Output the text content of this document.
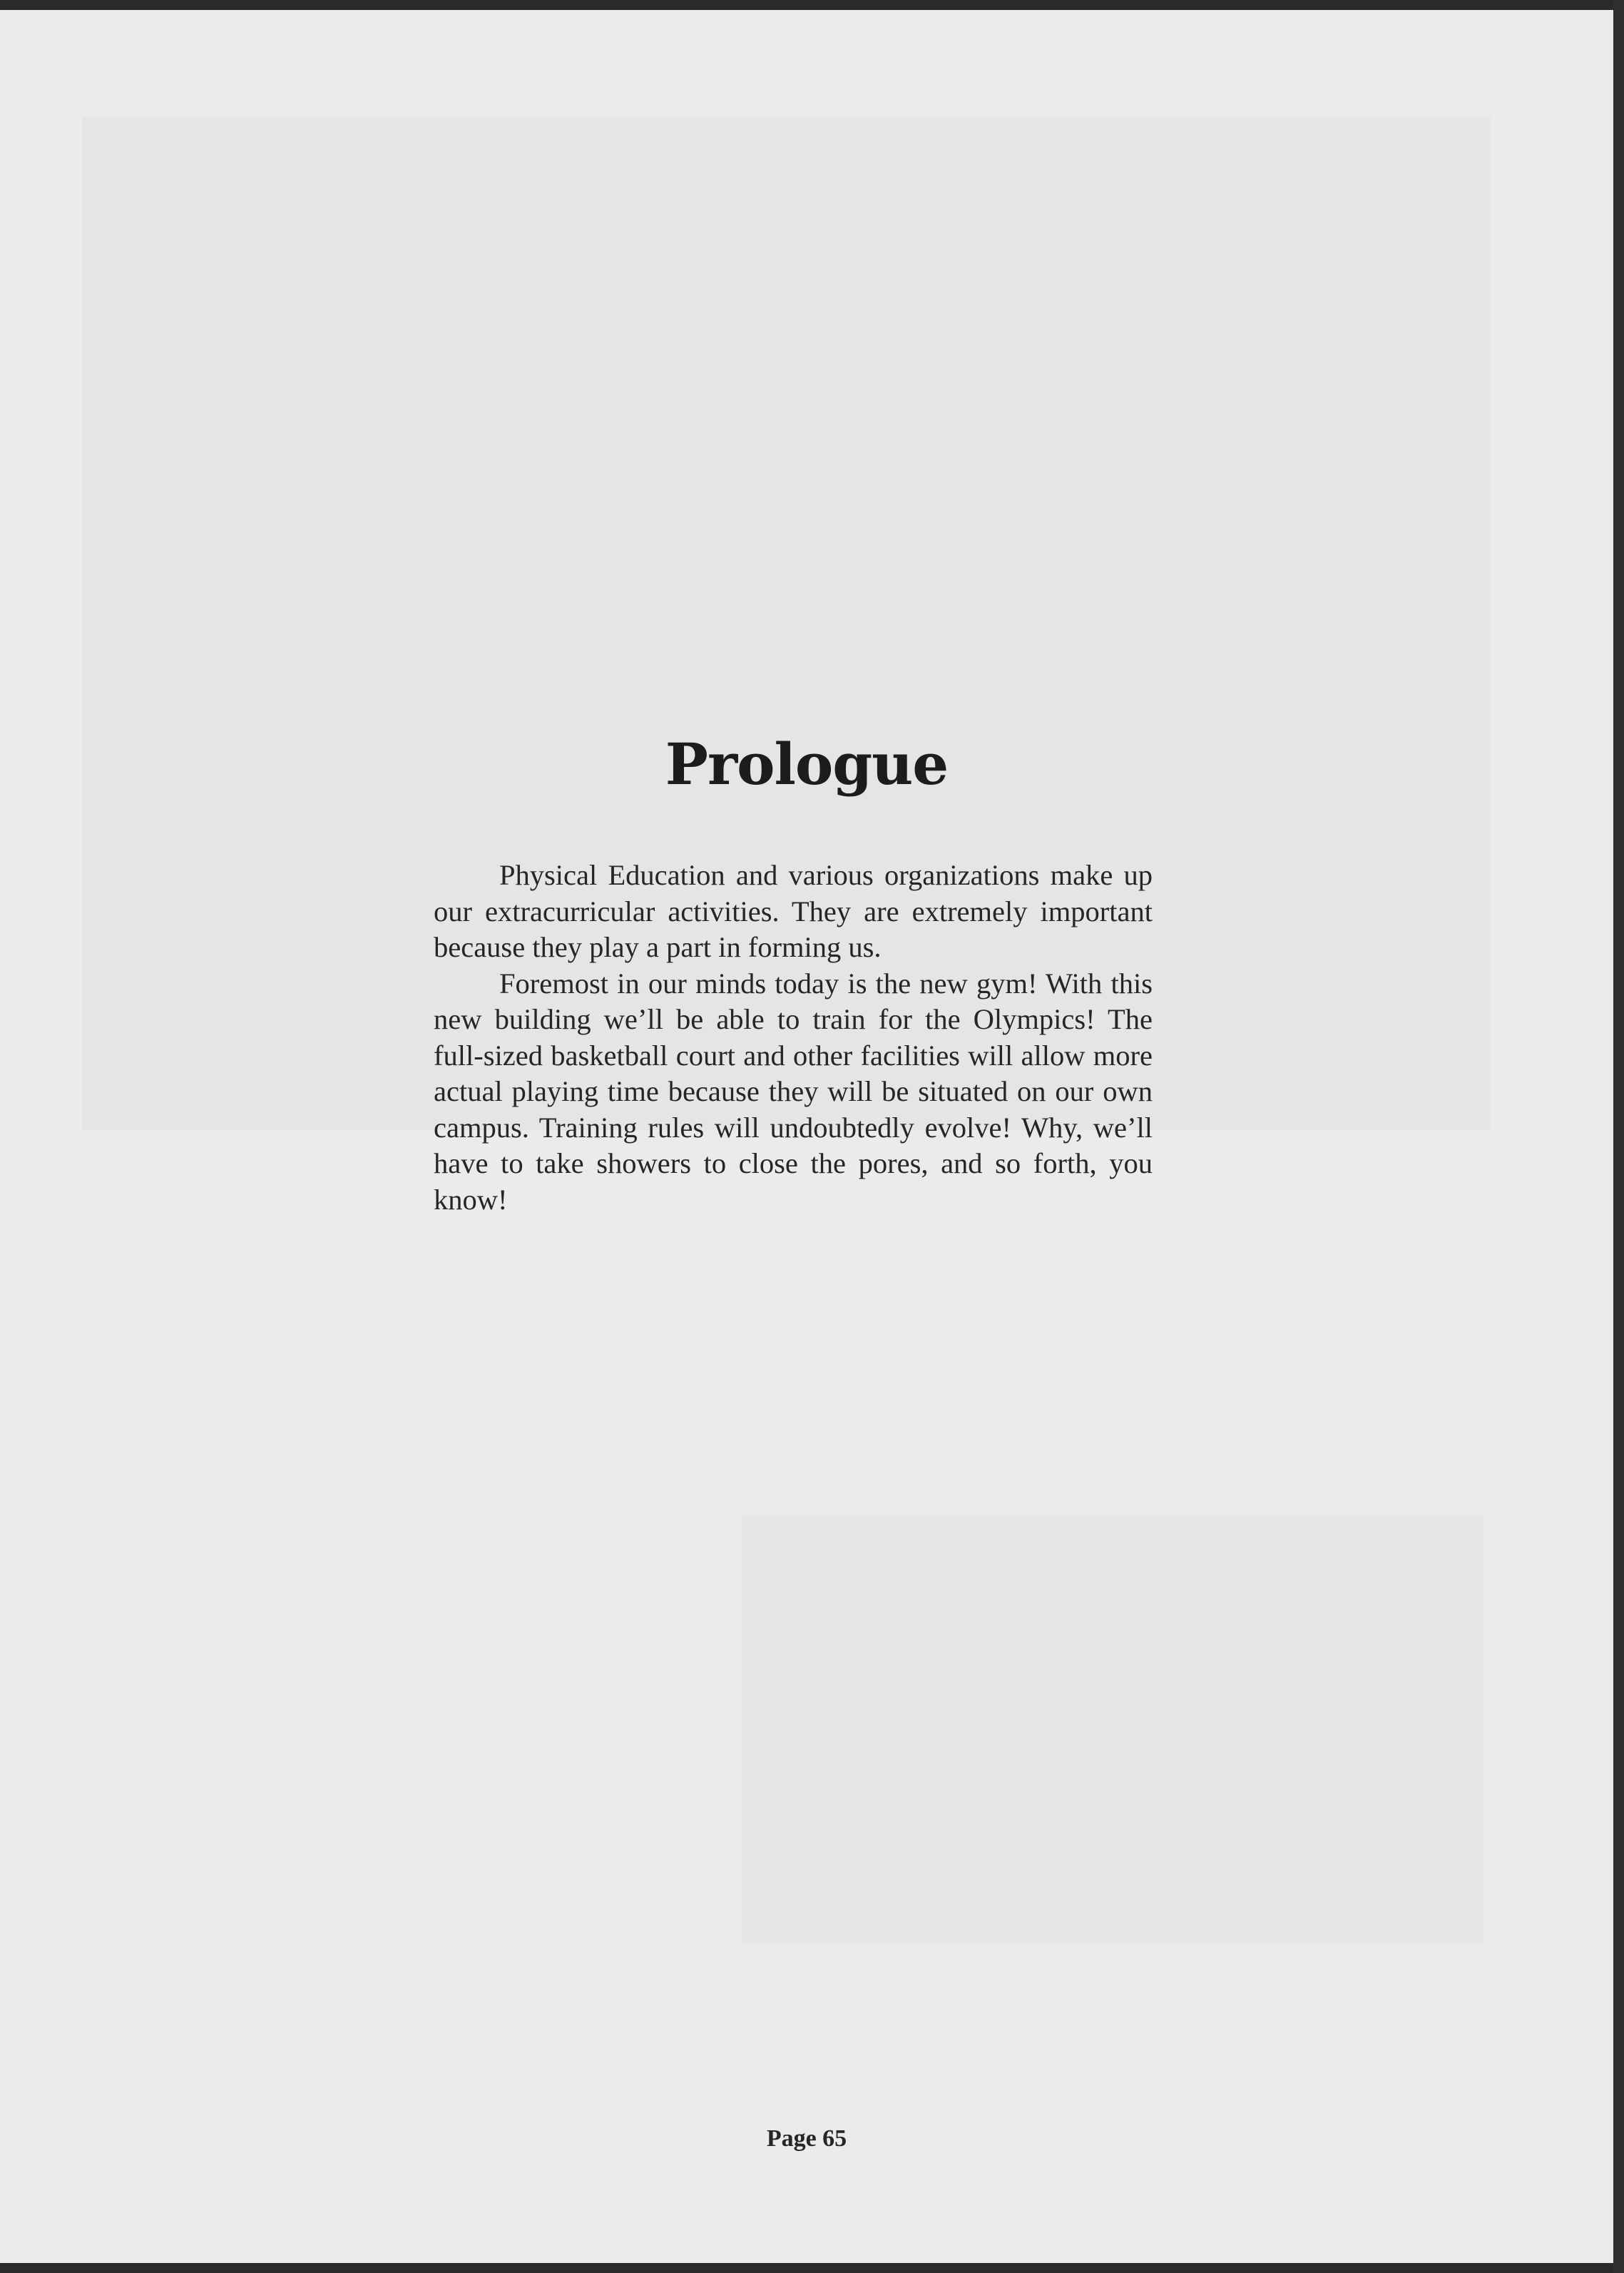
Prologue

Physical Education and various organizations make up our extracurricular activities. They are extremely important because they play a part in forming us.

Foremost in our minds today is the new gym! With this new building we’ll be able to train for the Olympics! The full-sized basketball court and other facilities will allow more actual playing time because they will be situated on our own campus. Training rules will undoubtedly evolve! Why, we’ll have to take showers to close the pores, and so forth, you know!

Page 65
